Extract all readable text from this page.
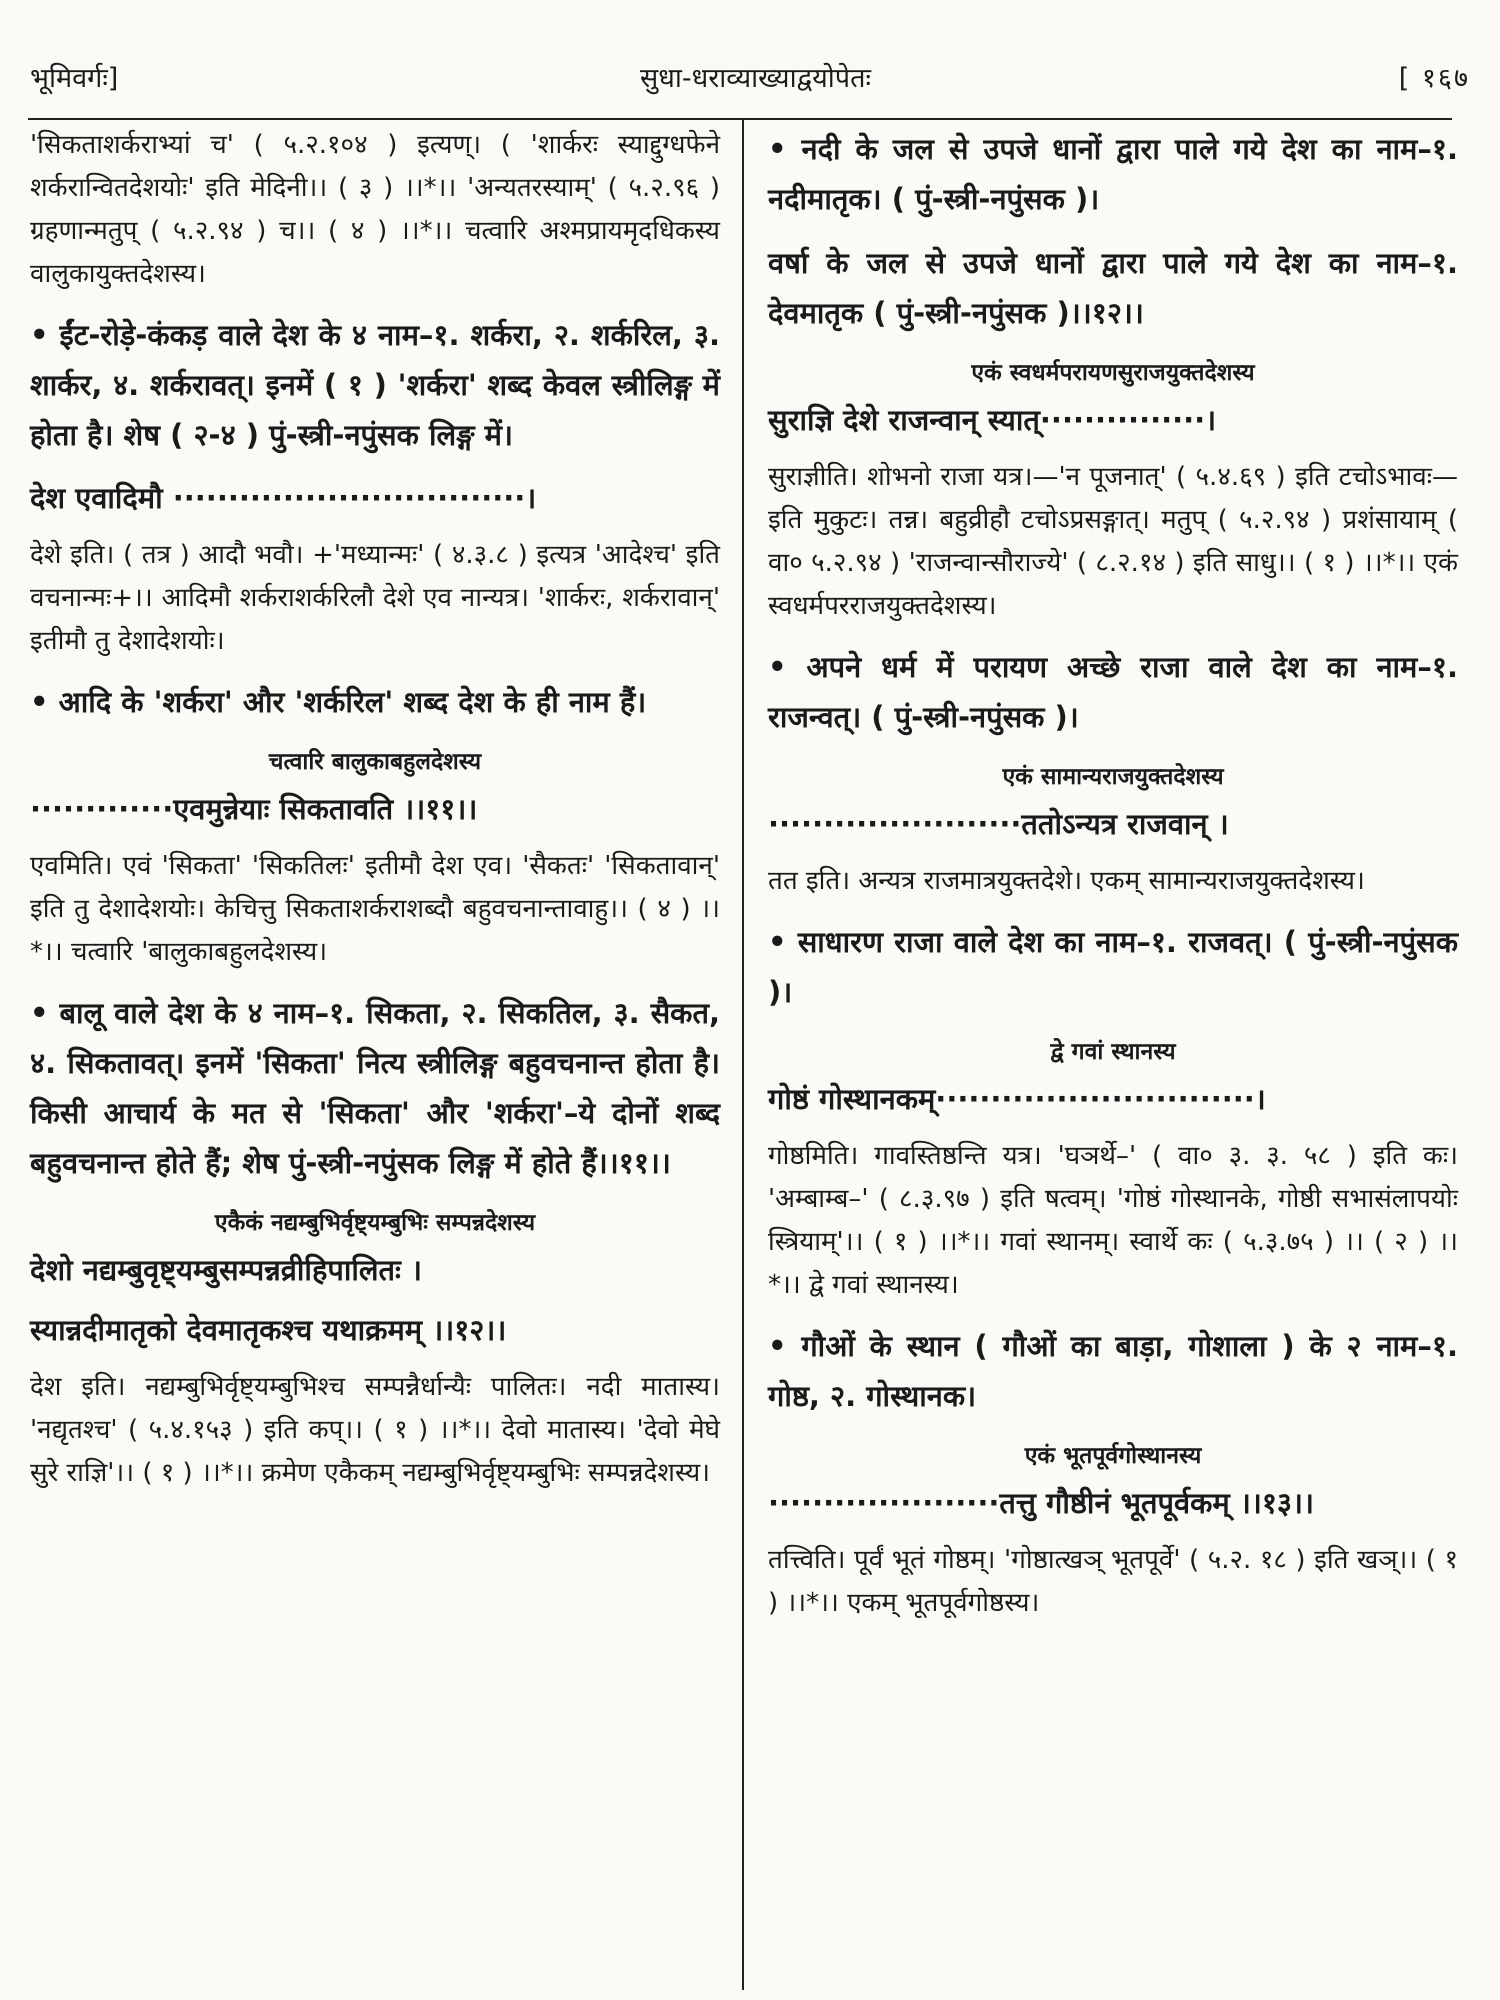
भूमिवर्गः]	सुधा-धराव्याख्याद्वयोपेतः	[ १६७
'सिकताशर्कराभ्यां च' ( ५.२.१०४ ) इत्यण्। ( 'शार्करः स्याद्दुग्धफेने शर्करान्वितदेशयोः' इति मेदिनी।। ( ३ ) ।।*।। 'अन्यतरस्याम्' ( ५.२.९६ ) ग्रहणान्मतुप् ( ५.२.९४ ) च।। ( ४ ) ।।*।। चत्वारि अश्मप्रायमृदधिकस्य वालुकायुक्तदेशस्य।
• ईंट-रोड़े-कंकड़ वाले देश के ४ नाम–१. शर्करा, २. शर्करिल, ३. शार्कर, ४. शर्करावत्। इनमें ( १ ) 'शर्करा' शब्द केवल स्त्रीलिङ्ग में होता है। शेष ( २-४ ) पुं-स्त्री-नपुंसक लिङ्ग में।
देश एवादिमौ ································।
देशे इति। ( तत्र ) आदौ भवौ। +'मध्यान्मः' ( ४.३.८ ) इत्यत्र 'आदेश्च' इति वचनान्मः+।। आदिमौ शर्कराशर्करिलौ देशे एव नान्यत्र। 'शार्करः, शर्करावान्' इतीमौ तु देशादेशयोः।
• आदि के 'शर्करा' और 'शर्करिल' शब्द देश के ही नाम हैं।
चत्वारि बालुकाबहुलदेशस्य
·············एवमुन्नेयाः सिकतावति ।।११।।
एवमिति। एवं 'सिकता' 'सिकतिलः' इतीमौ देश एव। 'सैकतः' 'सिकतावान्' इति तु देशादेशयोः। केचित्तु सिकताशर्कराशब्दौ बहुवचनान्तावाहु।। ( ४ ) ।।*।। चत्वारि 'बालुकाबहुलदेशस्य।
• बालू वाले देश के ४ नाम–१. सिकता, २. सिकतिल, ३. सैकत, ४. सिकतावत्। इनमें 'सिकता' नित्य स्त्रीलिङ्ग बहुवचनान्त होता है। किसी आचार्य के मत से 'सिकता' और 'शर्करा'–ये दोनों शब्द बहुवचनान्त होते हैं; शेष पुं-स्त्री-नपुंसक लिङ्ग में होते हैं।।११।।
एकैकं नद्यम्बुभिर्वृष्ट्यम्बुभिः सम्पन्नदेशस्य
देशो नद्यम्बुवृष्ट्यम्बुसम्पन्नव्रीहिपालितः ।
स्यान्नदीमातृको देवमातृकश्च यथाक्रमम् ।।१२।।
देश इति। नद्यम्बुभिर्वृष्ट्यम्बुभिश्च सम्पन्नैर्धान्यैः पालितः। नदी मातास्य। 'नद्यृतश्च' ( ५.४.१५३ ) इति कप्।। ( १ ) ।।*।। देवो मातास्य। 'देवो मेघे सुरे राज्ञि'।। ( १ ) ।।*।। क्रमेण एकैकम् नद्यम्बुभिर्वृष्ट्यम्बुभिः सम्पन्नदेशस्य।
• नदी के जल से उपजे धानों द्वारा पाले गये देश का नाम–१. नदीमातृक। ( पुं-स्त्री-नपुंसक )।
वर्षा के जल से उपजे धानों द्वारा पाले गये देश का नाम–१. देवमातृक ( पुं-स्त्री-नपुंसक )।।१२।।
एकं स्वधर्मपरायणसुराजयुक्तदेशस्य
सुराज्ञि देशे राजन्वान् स्यात्···············।
सुराज्ञीति। शोभनो राजा यत्र।—'न पूजनात्' ( ५.४.६९ ) इति टचोऽभावः—इति मुकुटः। तन्न। बहुव्रीहौ टचोऽप्रसङ्गात्। मतुप् ( ५.२.९४ ) प्रशंसायाम् ( वा० ५.२.९४ ) 'राजन्वान्सौराज्ये' ( ८.२.१४ ) इति साधु।। ( १ ) ।।*।। एकं स्वधर्मपरराजयुक्तदेशस्य।
• अपने धर्म में परायण अच्छे राजा वाले देश का नाम–१. राजन्वत्। ( पुं-स्त्री-नपुंसक )।
एकं सामान्यराजयुक्तदेशस्य
·······················ततोऽन्यत्र राजवान् ।
तत इति। अन्यत्र राजमात्रयुक्तदेशे। एकम् सामान्यराजयुक्तदेशस्य।
• साधारण राजा वाले देश का नाम–१. राजवत्। ( पुं-स्त्री-नपुंसक )।
द्वे गवां स्थानस्य
गोष्ठं गोस्थानकम्·····························।
गोष्ठमिति। गावस्तिष्ठन्ति यत्र। 'घञर्थे–' ( वा० ३. ३. ५८ ) इति कः। 'अम्बाम्ब–' ( ८.३.९७ ) इति षत्वम्। 'गोष्ठं गोस्थानके, गोष्ठी सभासंलापयोः स्त्रियाम्'।। ( १ ) ।।*।। गवां स्थानम्। स्वार्थे कः ( ५.३.७५ ) ।। ( २ ) ।।*।। द्वे गवां स्थानस्य।
• गौओं के स्थान ( गौओं का बाड़ा, गोशाला ) के २ नाम–१. गोष्ठ, २. गोस्थानक।
एकं भूतपूर्वगोस्थानस्य
·····················तत्तु गौष्ठीनं भूतपूर्वकम् ।।१३।।
तत्त्विति। पूर्वं भूतं गोष्ठम्। 'गोष्ठात्खञ् भूतपूर्वे' ( ५.२. १८ ) इति खञ्।। ( १ ) ।।*।। एकम् भूतपूर्वगोष्ठस्य।
